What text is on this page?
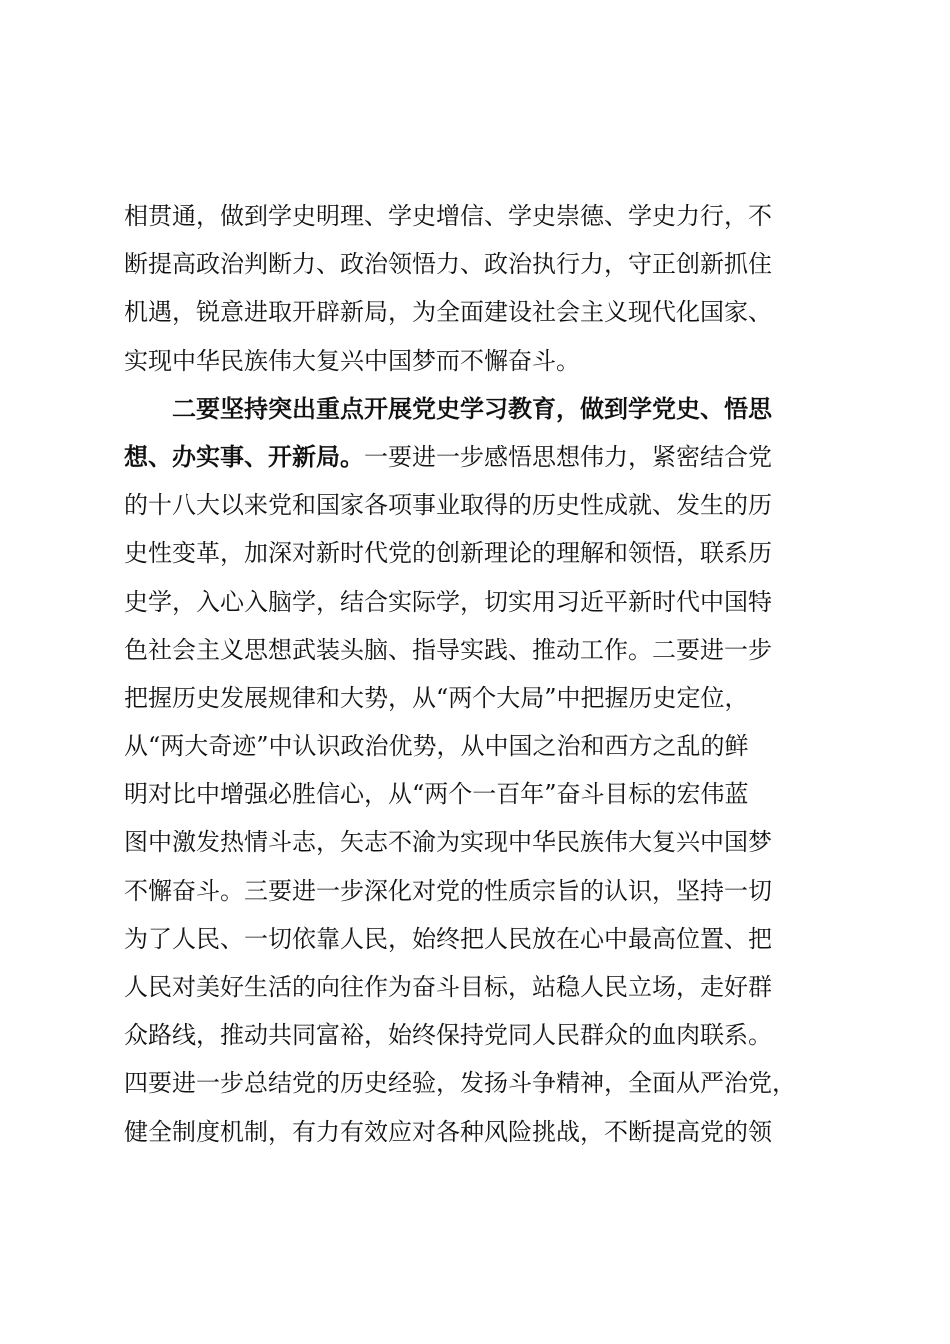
相贯通，做到学史明理、学史增信、学史崇德、学史力行，不
断提高政治判断力、政治领悟力、政治执行力，守正创新抓住
机遇，锐意进取开辟新局，为全面建设社会主义现代化国家、
实现中华民族伟大复兴中国梦而不懈奋斗。
二要坚持突出重点开展党史学习教育，做到学党史、悟思
想、办实事、开新局。一要进一步感悟思想伟力，紧密结合党
的十八大以来党和国家各项事业取得的历史性成就、发生的历
史性变革，加深对新时代党的创新理论的理解和领悟，联系历
史学，入心入脑学，结合实际学，切实用习近平新时代中国特
色社会主义思想武装头脑、指导实践、推动工作。二要进一步
把握历史发展规律和大势，从“两个大局”中把握历史定位，
从“两大奇迹”中认识政治优势，从中国之治和西方之乱的鲜
明对比中增强必胜信心，从“两个一百年”奋斗目标的宏伟蓝
图中激发热情斗志，矢志不渝为实现中华民族伟大复兴中国梦
不懈奋斗。三要进一步深化对党的性质宗旨的认识，坚持一切
为了人民、一切依靠人民，始终把人民放在心中最高位置、把
人民对美好生活的向往作为奋斗目标，站稳人民立场，走好群
众路线，推动共同富裕，始终保持党同人民群众的血肉联系。
四要进一步总结党的历史经验，发扬斗争精神，全面从严治党，
健全制度机制，有力有效应对各种风险挑战，不断提高党的领
